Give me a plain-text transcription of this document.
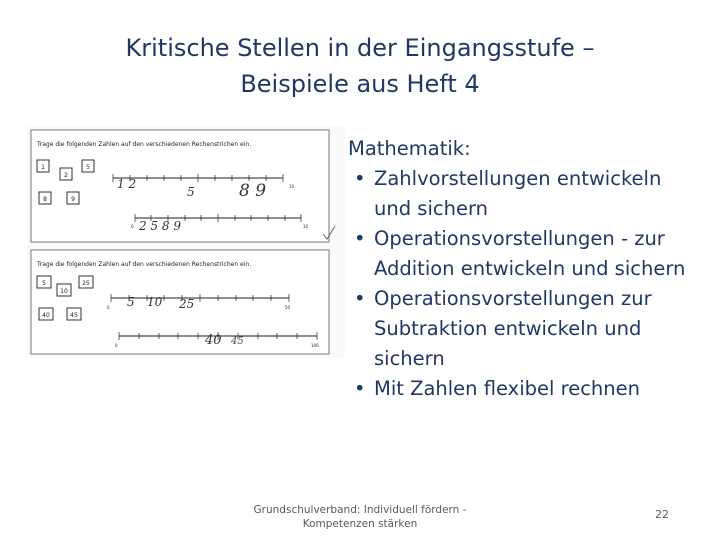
Kritische Stellen in der Eingangsstufe –
Beispiele aus Heft 4
Trage die folgenden Zahlen auf den verschiedenen Rechenstrichen ein.
1
2
5
8	9
10
1 2
5	8 9
0	10
2 5 8 9
Trage die folgenden Zahlen auf den verschiedenen Rechenstrichen ein.
5
10
25
40	45
0	50
5 10 25
0	100
40 45
Mathematik:
• Zahlvorstellungen entwickeln und sichern
• Operationsvorstellungen - zur Addition entwickeln und sichern
• Operationsvorstellungen zur Subtraktion entwickeln und sichern
• Mit Zahlen flexibel rechnen
Grundschulverband: Individuell fördern - Kompetenzen stärken
22
